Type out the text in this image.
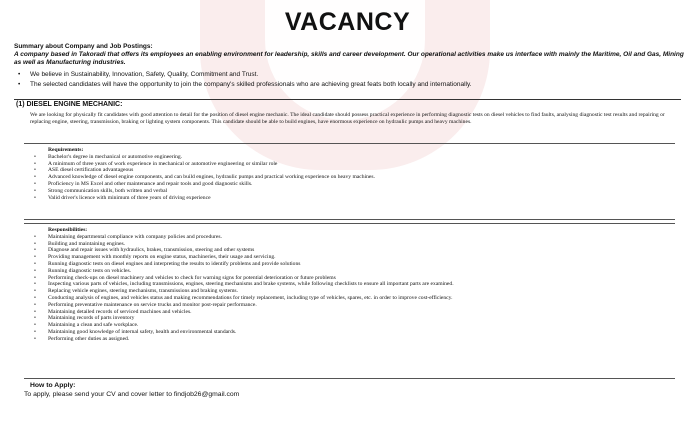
VACANCY
Summary about Company and Job Postings:
A company based in Takoradi that offers its employees an enabling environment for leadership, skills and career development. Our operational activities make us interface with mainly the Maritime, Oil and Gas, Mining as well as Manufacturing industries.
• We believe in Sustainability, Innovation, Safety, Quality, Commitment and Trust.
• The selected candidates will have the opportunity to join the company's skilled professionals who are achieving great feats both locally and internationally.
(1) DIESEL ENGINE MECHANIC:
We are looking for physically fit candidates with good attention to detail for the position of diesel engine mechanic. The ideal candidate should possess practical experience in performing diagnostic tests on diesel vehicles to find faults, analysing diagnostic test results and repairing or replacing engine, steering, transmission, braking or lighting system components. This candidate should be able to build engines, have enormous experience on hydraulic pumps and heavy machines.
Requirements:
• Bachelor's degree in mechanical or automotive engineering.
• A minimum of three years of work experience in mechanical or automotive engineering or similar role
• ASE diesel certification advantageous
• Advanced knowledge of diesel engine components, and can build engines, hydraulic pumps and practical working experience on heavy machines.
• Proficiency in MS Excel and other maintenance and repair tools and good diagnostic skills.
• Strong communication skills, both written and verbal
• Valid driver's licence with minimum of three years of driving experience
Responsibilities:
• Maintaining departmental compliance with company policies and procedures.
• Building and maintaining engines.
• Diagnose and repair issues with hydraulics, brakes, transmission, steering and other systems
• Providing management with monthly reports on engine status, machineries, their usage and servicing.
• Running diagnostic tests on diesel engines and interpreting the results to identify problems and provide solutions
• Running diagnostic tests on vehicles.
• Performing check-ups on diesel machinery and vehicles to check for warning signs for potential deterioration or future problems
• Inspecting various parts of vehicles, including transmissions, engines, steering mechanisms and brake systems, while following checklists to ensure all important parts are examined.
• Replacing vehicle engines, steering mechanisms, transmissions and braking systems.
• Conducting analysis of engines, and vehicles status and making recommendations for timely replacement, including type of vehicles, spares, etc. in order to improve cost-efficiency.
• Performing preventative maintenance on service trucks and monitor post-repair performance.
• Maintaining detailed records of serviced machines and vehicles.
• Maintaining records of parts inventory
• Maintaining a clean and safe workplace.
• Maintaining good knowledge of internal safety, health and environmental standards.
• Performing other duties as assigned.
How to Apply:
To apply, please send your CV and cover letter to findjob26@gmail.com
